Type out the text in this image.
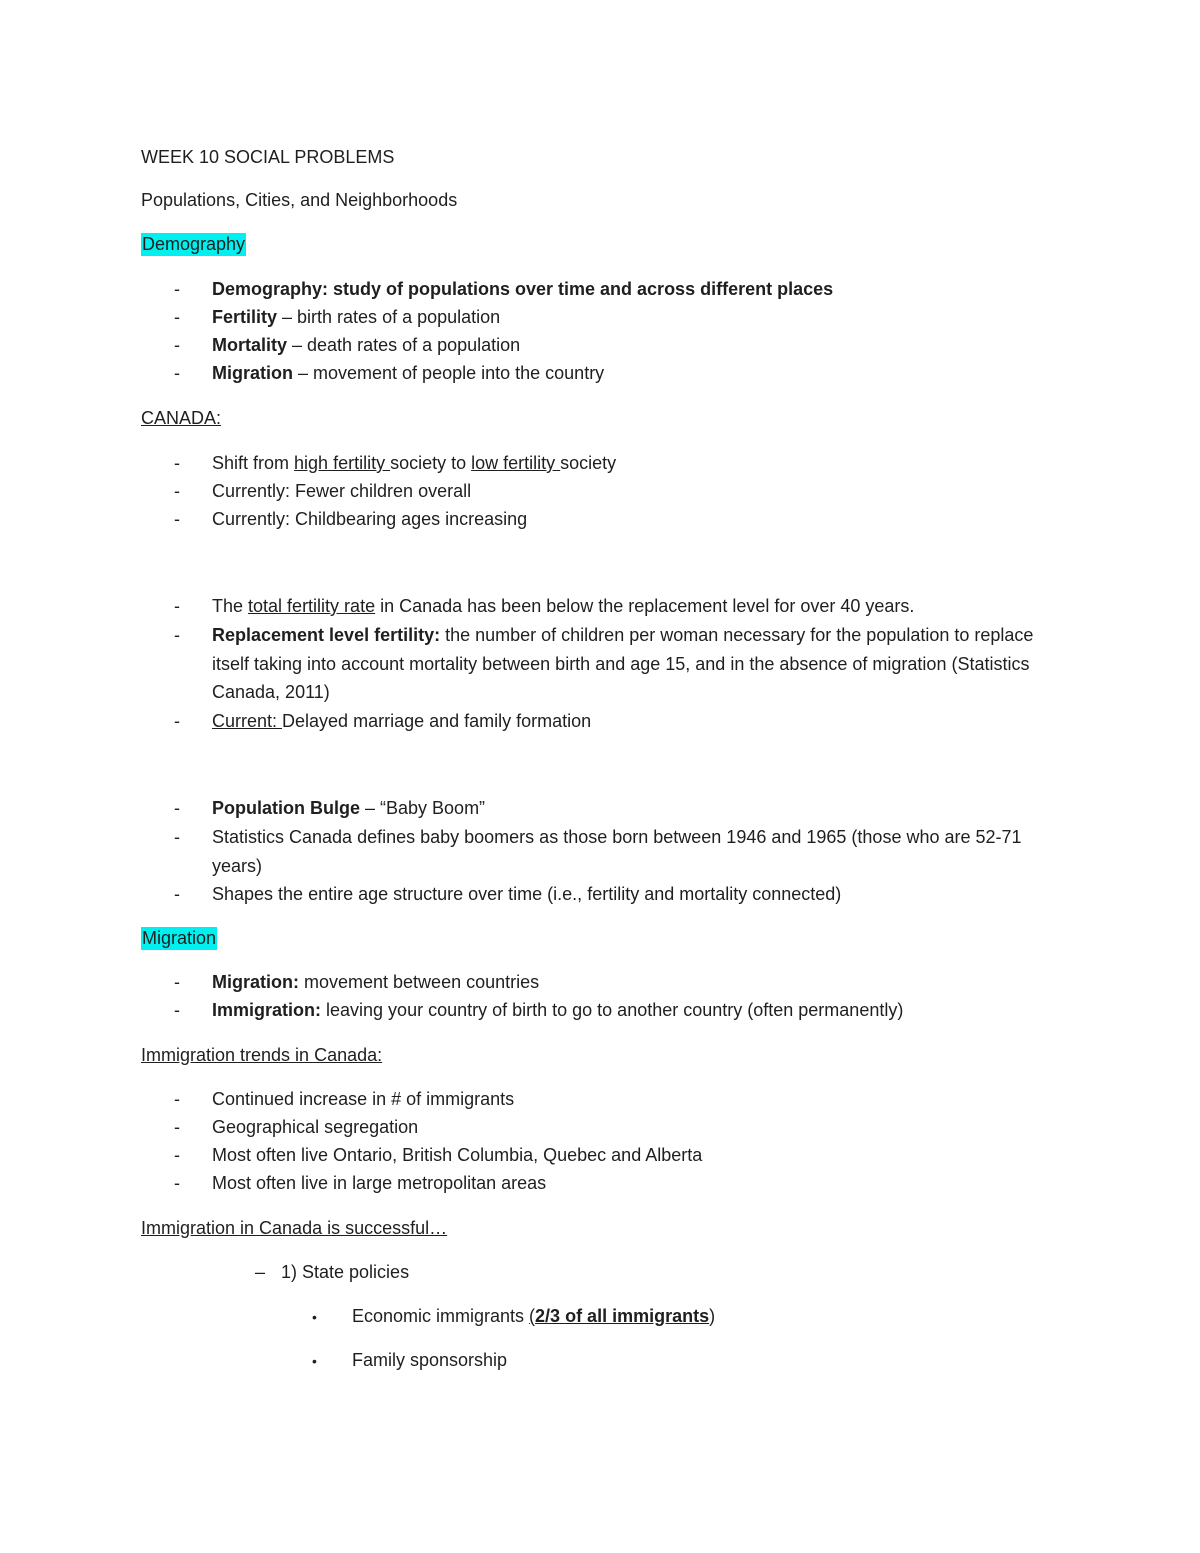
WEEK 10 SOCIAL PROBLEMS
Populations, Cities, and Neighborhoods
Demography
-	Demography: study of populations over time and across different places
-	Fertility – birth rates of a population
-	Mortality – death rates of a population
-	Migration – movement of people into the country
CANADA:
-	Shift from high fertility society to low fertility society
-	Currently: Fewer children overall
-	Currently: Childbearing ages increasing
-	The total fertility rate in Canada has been below the replacement level for over 40 years.
-	Replacement level fertility: the number of children per woman necessary for the population to replace itself taking into account mortality between birth and age 15, and in the absence of migration (Statistics Canada, 2011)
-	Current: Delayed marriage and family formation
-	Population Bulge – “Baby Boom”
-	Statistics Canada defines baby boomers as those born between 1946 and 1965 (those who are 52-71 years)
-	Shapes the entire age structure over time (i.e., fertility and mortality connected)
Migration
-	Migration: movement between countries
-	Immigration: leaving your country of birth to go to another country (often permanently)
Immigration trends in Canada:
-	Continued increase in # of immigrants
-	Geographical segregation
-	Most often live Ontario, British Columbia, Quebec and Alberta
-	Most often live in large metropolitan areas
Immigration in Canada is successful…
– 1) State policies
• Economic immigrants (2/3 of all immigrants)
• Family sponsorship
